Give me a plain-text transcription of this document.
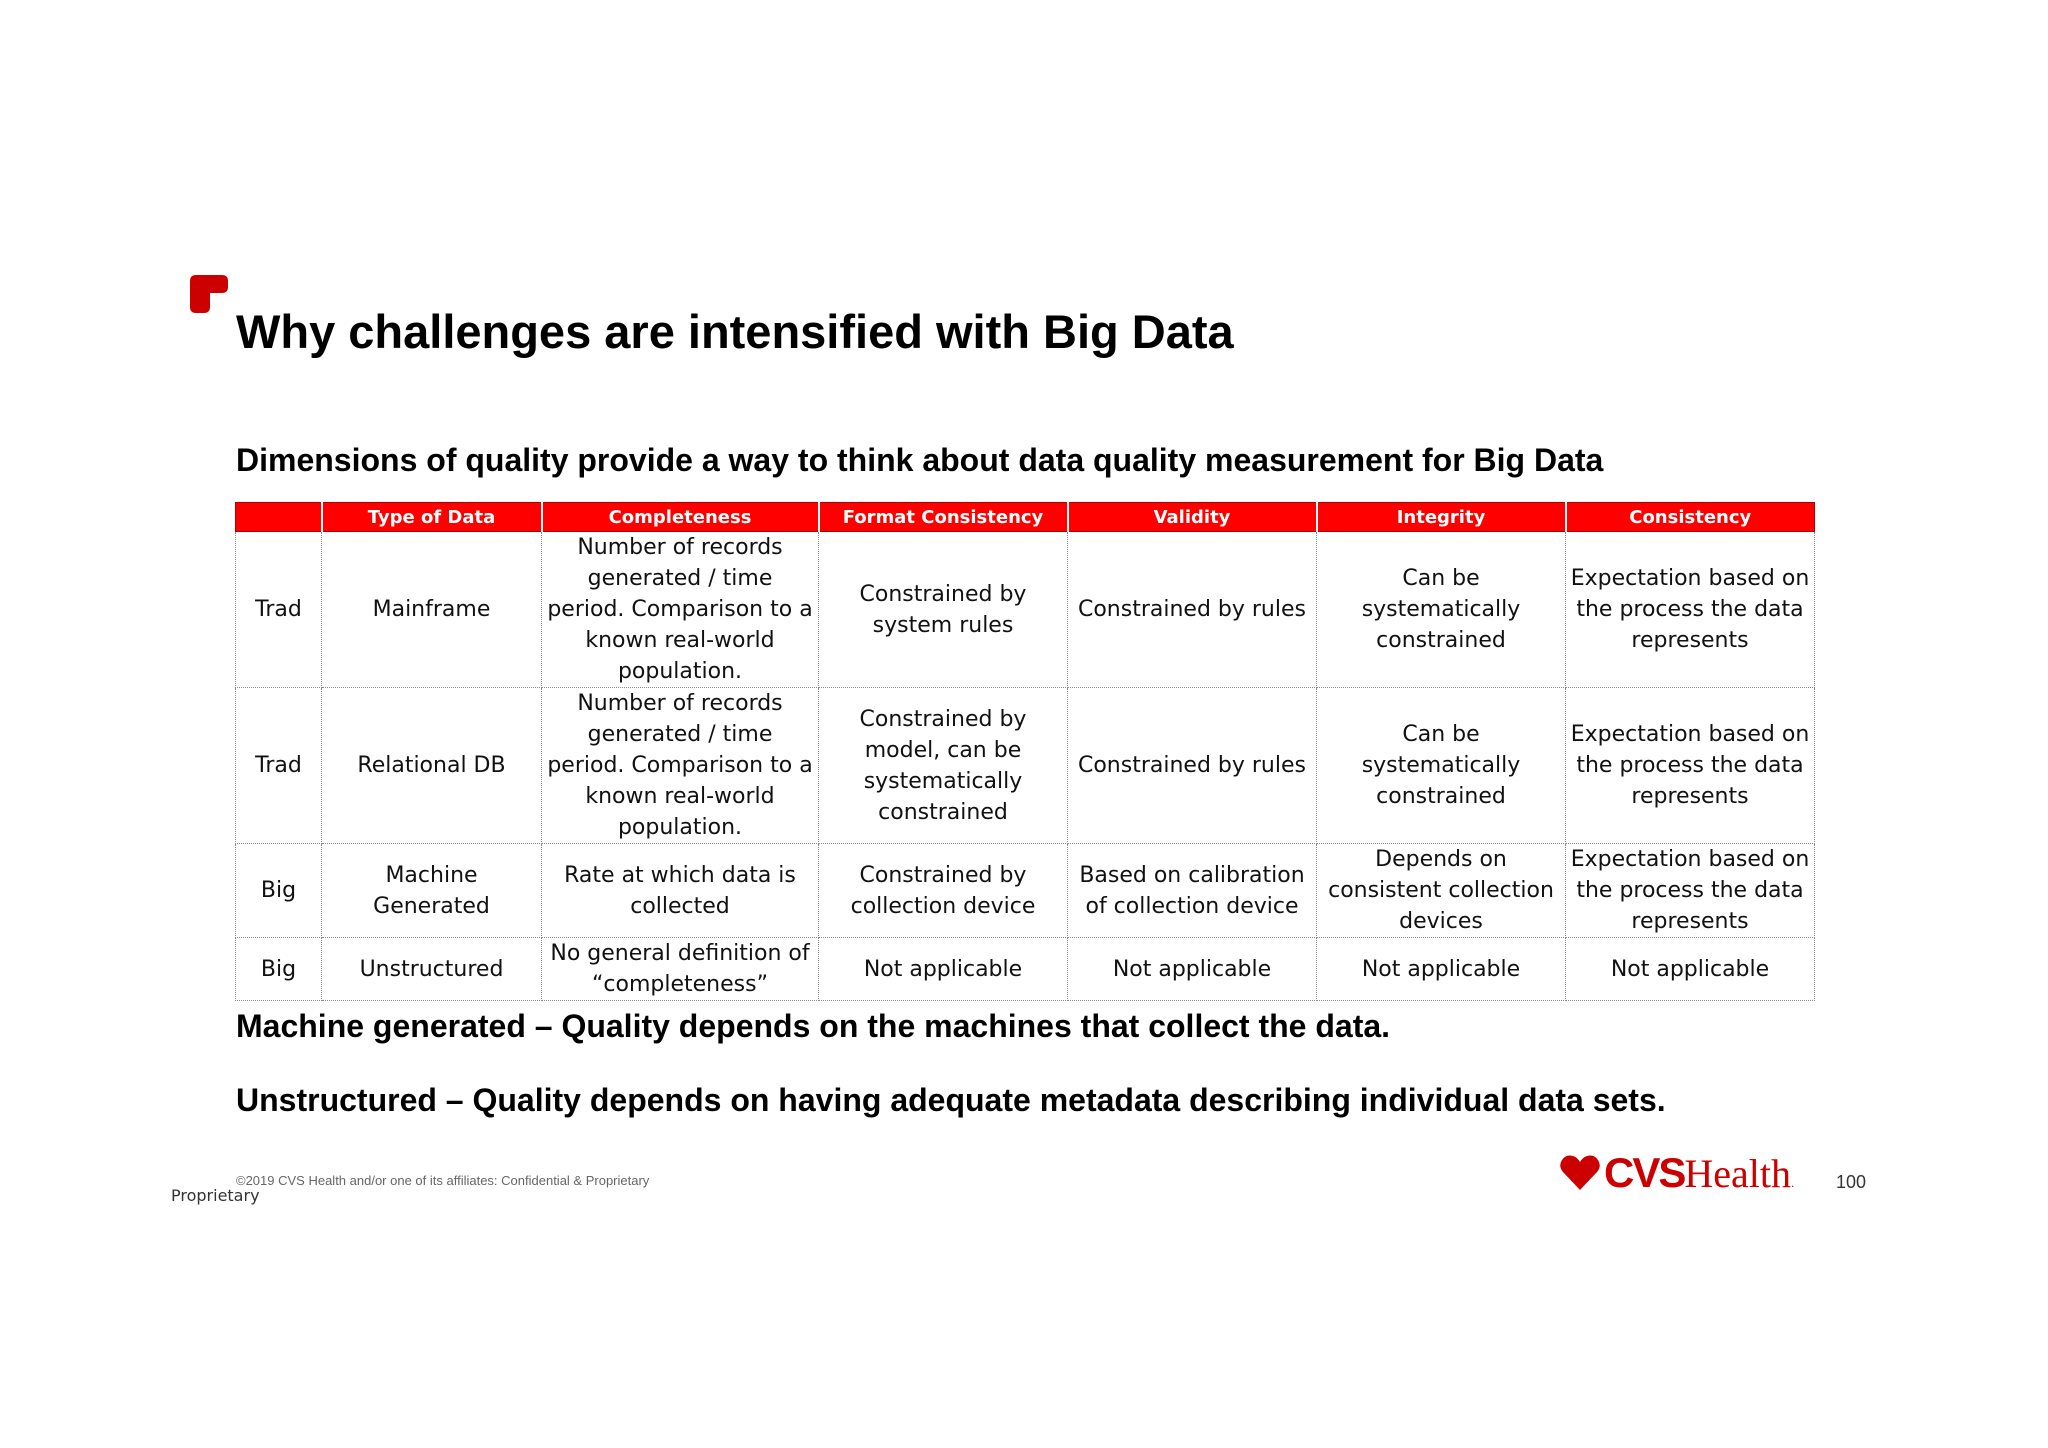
Why challenges are intensified with Big Data
Dimensions of quality provide a way to think about data quality measurement for Big Data
	Type of Data	Completeness	Format Consistency	Validity	Integrity	Consistency
Trad	Mainframe	Number of records generated / time period. Comparison to a known real-world population.	Constrained by system rules	Constrained by rules	Can be systematically constrained	Expectation based on the process the data represents
Trad	Relational DB	Number of records generated / time period. Comparison to a known real-world population.	Constrained by model, can be systematically constrained	Constrained by rules	Can be systematically constrained	Expectation based on the process the data represents
Big	Machine Generated	Rate at which data is collected	Constrained by collection device	Based on calibration of collection device	Depends on consistent collection devices	Expectation based on the process the data represents
Big	Unstructured	No general definition of “completeness”	Not applicable	Not applicable	Not applicable	Not applicable
Machine generated – Quality depends on the machines that collect the data.
Unstructured – Quality depends on having adequate metadata describing individual data sets.
©2019 CVS Health and/or one of its affiliates: Confidential & Proprietary
Proprietary	CVS Health . 100
